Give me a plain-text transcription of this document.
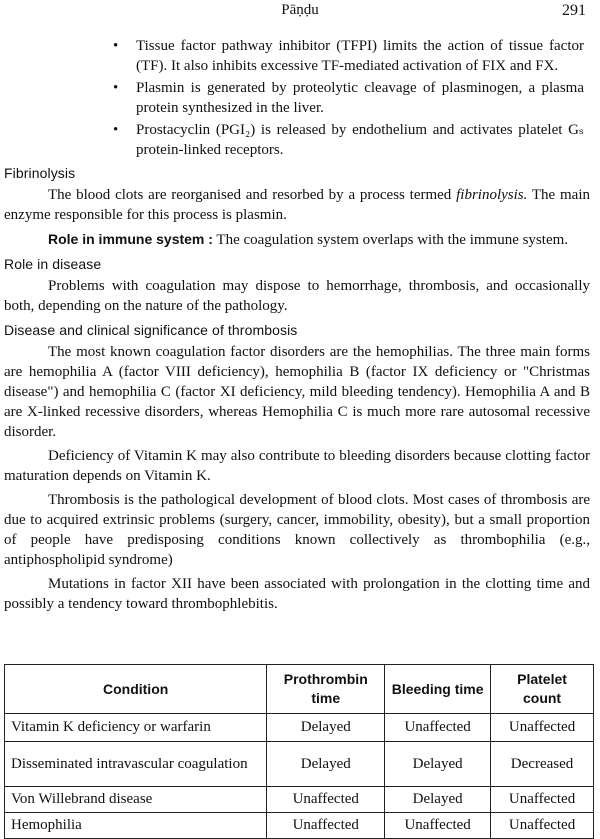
Pāṇḍu	291
• Tissue factor pathway inhibitor (TFPI) limits the action of tissue factor (TF). It also inhibits excessive TF-mediated activation of FIX and FX.
• Plasmin is generated by proteolytic cleavage of plasminogen, a plasma protein synthesized in the liver.
• Prostacyclin (PGI₂) is released by endothelium and activates platelet Gₛ protein-linked receptors.
Fibrinolysis

The blood clots are reorganised and resorbed by a process termed fibrinolysis. The main enzyme responsible for this process is plasmin.

Role in immune system : The coagulation system overlaps with the immune system.

Role in disease

Problems with coagulation may dispose to hemorrhage, thrombosis, and occasionally both, depending on the nature of the pathology.

Disease and clinical significance of thrombosis

The most known coagulation factor disorders are the hemophilias. The three main forms are hemophilia A (factor VIII deficiency), hemophilia B (factor IX deficiency or "Christmas disease") and hemophilia C (factor XI deficiency, mild bleeding tendency). Hemophilia A and B are X-linked recessive disorders, whereas Hemophilia C is much more rare autosomal recessive disorder.

Deficiency of Vitamin K may also contribute to bleeding disorders because clotting factor maturation depends on Vitamin K.

Thrombosis is the pathological development of blood clots. Most cases of thrombosis are due to acquired extrinsic problems (surgery, cancer, immobility, obesity), but a small proportion of people have predisposing conditions known collectively as thrombophilia (e.g., antiphospholipid syndrome)

Mutations in factor XII have been associated with prolongation in the clotting time and possibly a tendency toward thrombophlebitis.

Condition	Prothrombin time	Bleeding time	Platelet count
Vitamin K deficiency or warfarin	Delayed	Unaffected	Unaffected
Disseminated intravascular coagulation	Delayed	Delayed	Decreased
Von Willebrand disease	Unaffected	Delayed	Unaffected
Hemophilia	Unaffected	Unaffected	Unaffected
